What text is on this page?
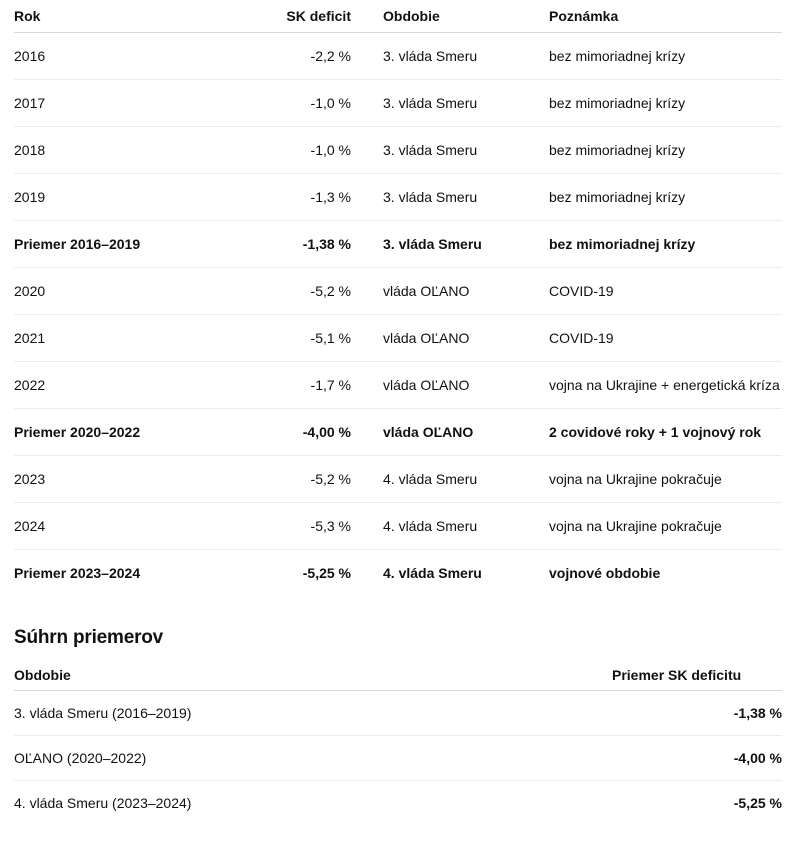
Rok	SK deficit	Obdobie	Poznámka
2016	-2,2 %	3. vláda Smeru	bez mimoriadnej krízy
2017	-1,0 %	3. vláda Smeru	bez mimoriadnej krízy
2018	-1,0 %	3. vláda Smeru	bez mimoriadnej krízy
2019	-1,3 %	3. vláda Smeru	bez mimoriadnej krízy
Priemer 2016–2019	-1,38 %	3. vláda Smeru	bez mimoriadnej krízy
2020	-5,2 %	vláda OĽANO	COVID-19
2021	-5,1 %	vláda OĽANO	COVID-19
2022	-1,7 %	vláda OĽANO	vojna na Ukrajine + energetická kríza
Priemer 2020–2022	-4,00 %	vláda OĽANO	2 covidové roky + 1 vojnový rok
2023	-5,2 %	4. vláda Smeru	vojna na Ukrajine pokračuje
2024	-5,3 %	4. vláda Smeru	vojna na Ukrajine pokračuje
Priemer 2023–2024	-5,25 %	4. vláda Smeru	vojnové obdobie
Súhrn priemerov
Obdobie	Priemer SK deficitu
3. vláda Smeru (2016–2019)	-1,38 %
OĽANO (2020–2022)	-4,00 %
4. vláda Smeru (2023–2024)	-5,25 %
